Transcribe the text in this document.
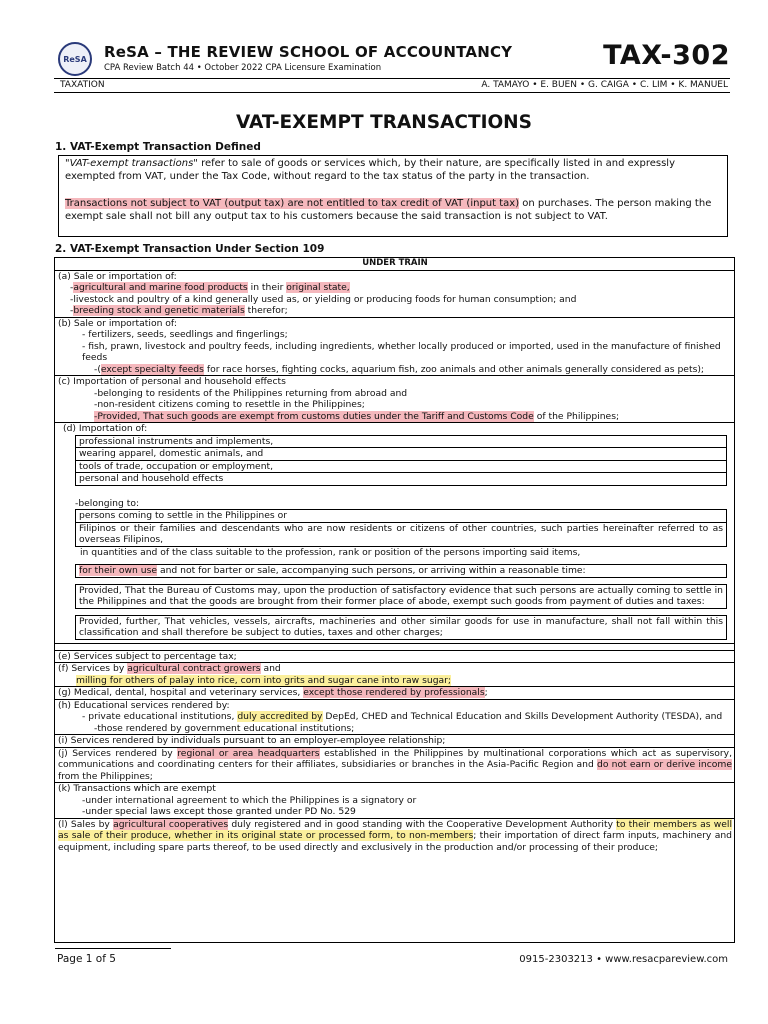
ReSA	ReSA – THE REVIEW SCHOOL OF ACCOUNTANCY
CPA Review Batch 44 • October 2022 CPA Licensure Examination	TAX-302
TAXATION	A. TAMAYO • E. BUEN • G. CAIGA • C. LIM • K. MANUEL
VAT-EXEMPT TRANSACTIONS
1. VAT-Exempt Transaction Defined

"VAT-exempt transactions" refer to sale of goods or services which, by their nature, are specifically listed in and expressly exempted from VAT, under the Tax Code, without regard to the tax status of the party in the transaction.

Transactions not subject to VAT (output tax) are not entitled to tax credit of VAT (input tax) on purchases. The person making the exempt sale shall not bill any output tax to his customers because the said transaction is not subject to VAT.

2. VAT-Exempt Transaction Under Section 109
UNDER TRAIN
(a) Sale or importation of:
-agricultural and marine food products in their original state,
-livestock and poultry of a kind generally used as, or yielding or producing foods for human consumption; and
-breeding stock and genetic materials therefor;
(b) Sale or importation of:
- fertilizers, seeds, seedlings and fingerlings;
- fish, prawn, livestock and poultry feeds, including ingredients, whether locally produced or imported, used in the manufacture of finished feeds
-(except specialty feeds for race horses, fighting cocks, aquarium fish, zoo animals and other animals generally considered as pets);
(c) Importation of personal and household effects
-belonging to residents of the Philippines returning from abroad and
-non-resident citizens coming to resettle in the Philippines;
-Provided, That such goods are exempt from customs duties under the Tariff and Customs Code of the Philippines;
(d) Importation of:
professional instruments and implements,
wearing apparel, domestic animals, and
tools of trade, occupation or employment,
personal and household effects
-belonging to:
persons coming to settle in the Philippines or
Filipinos or their families and descendants who are now residents or citizens of other countries, such parties hereinafter referred to as overseas Filipinos,
in quantities and of the class suitable to the profession, rank or position of the persons importing said items,
for their own use and not for barter or sale, accompanying such persons, or arriving within a reasonable time:
Provided, That the Bureau of Customs may, upon the production of satisfactory evidence that such persons are actually coming to settle in the Philippines and that the goods are brought from their former place of abode, exempt such goods from payment of duties and taxes:
Provided, further, That vehicles, vessels, aircrafts, machineries and other similar goods for use in manufacture, shall not fall within this classification and shall therefore be subject to duties, taxes and other charges;
(e) Services subject to percentage tax;
(f) Services by agricultural contract growers and
milling for others of palay into rice, corn into grits and sugar cane into raw sugar;
(g) Medical, dental, hospital and veterinary services, except those rendered by professionals;
(h) Educational services rendered by:
- private educational institutions, duly accredited by DepEd, CHED and Technical Education and Skills Development Authority (TESDA), and
-those rendered by government educational institutions;
(i) Services rendered by individuals pursuant to an employer-employee relationship;
(j) Services rendered by regional or area headquarters established in the Philippines by multinational corporations which act as supervisory, communications and coordinating centers for their affiliates, subsidiaries or branches in the Asia-Pacific Region and do not earn or derive income from the Philippines;
(k) Transactions which are exempt
-under international agreement to which the Philippines is a signatory or
-under special laws except those granted under PD No. 529
(l) Sales by agricultural cooperatives duly registered and in good standing with the Cooperative Development Authority to their members as well as sale of their produce, whether in its original state or processed form, to non-members; their importation of direct farm inputs, machinery and equipment, including spare parts thereof, to be used directly and exclusively in the production and/or processing of their produce;
Page 1 of 5	0915-2303213 • www.resacpareview.com
